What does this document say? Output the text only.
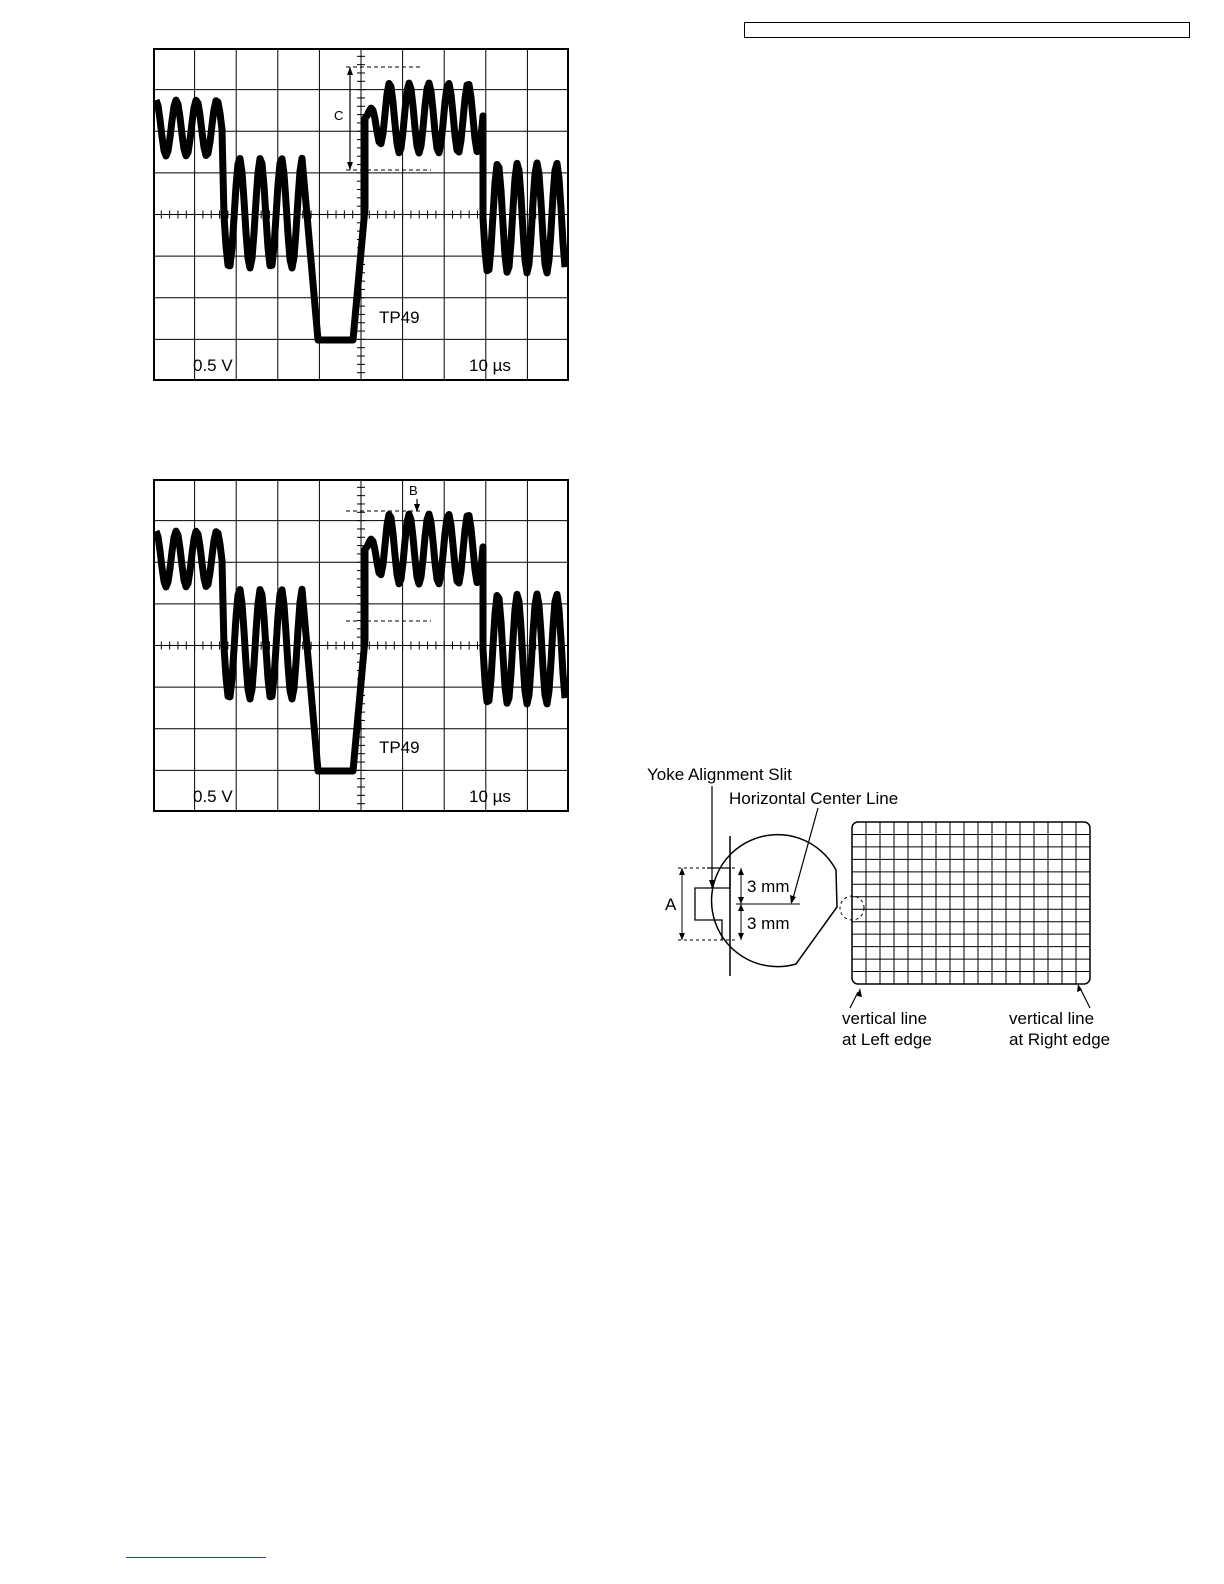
C
TP49
0.5 V	10 µs
B
TP49
0.5 V	10 µs
Yoke Alignment Slit
Horizontal Center Line
3 mm
3 mm
A
vertical line
at Left edge
vertical line
at Right edge
